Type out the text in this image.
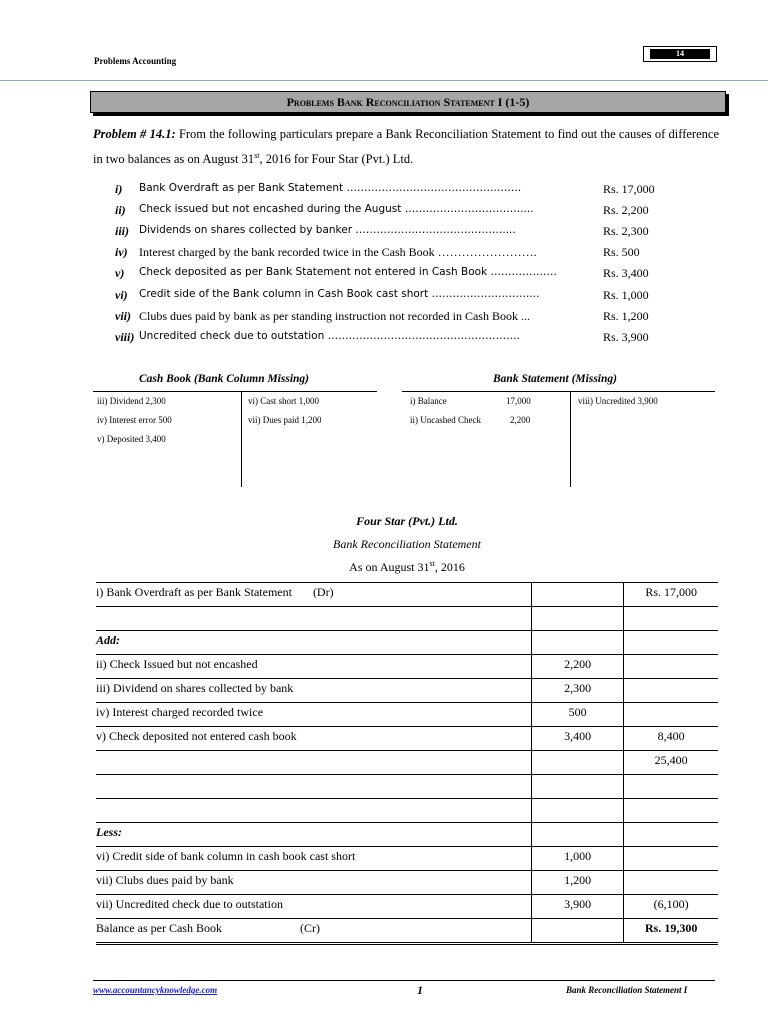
Problems Accounting
14
Problems Bank Reconciliation Statement I (1-5)
Problem # 14.1: From the following particulars prepare a Bank Reconciliation Statement to find out the causes of difference in two balances as on August 31st, 2016 for Four Star (Pvt.) Ltd.
i) Bank Overdraft as per Bank Statement …………………………………….…….	Rs. 17,000
ii) Check issued but not encashed during the August ……………………………....	Rs. 2,200
iii) Dividends on shares collected by banker ……………………………………....	Rs. 2,300
iv) Interest charged by the bank recorded twice in the Cash Book …………………….	Rs. 500
v) Check deposited as per Bank Statement not entered in Cash Book ……………….	Rs. 3,400
vi) Credit side of the Bank column in Cash Book cast short ………………………....	Rs. 1,000
vii) Clubs dues paid by bank as per standing instruction not recorded in Cash Book ...	Rs. 1,200
viii) Uncredited check due to outstation ……………………………………………….	Rs. 3,900
Cash Book (Bank Column Missing)
iii) Dividend 2,300
iv) Interest error 500
v) Deposited 3,400
vi) Cast short 1,000
vii) Dues paid 1,200
Bank Statement (Missing)
i) Balance	17,000
ii) Uncashed Check	2,200
viii) Uncredited 3,900
Four Star (Pvt.) Ltd.
Bank Reconciliation Statement
As on August 31st, 2016
i) Bank Overdraft as per Bank Statement       (Dr)		Rs. 17,000

Add:		
ii) Check Issued but not encashed	2,200	
iii) Dividend on shares collected by bank	2,300	
iv) Interest charged recorded twice	500	
v) Check deposited not entered cash book	3,400	8,400
		25,400

Less:		
vi) Credit side of bank column in cash book cast short	1,000	
vii) Clubs dues paid by bank	1,200	
vii) Uncredited check due to outstation	3,900	(6,100)
Balance as per Cash Book                          (Cr)		Rs. 19,300
www.accountancyknowledge.com	1	Bank Reconciliation Statement I
